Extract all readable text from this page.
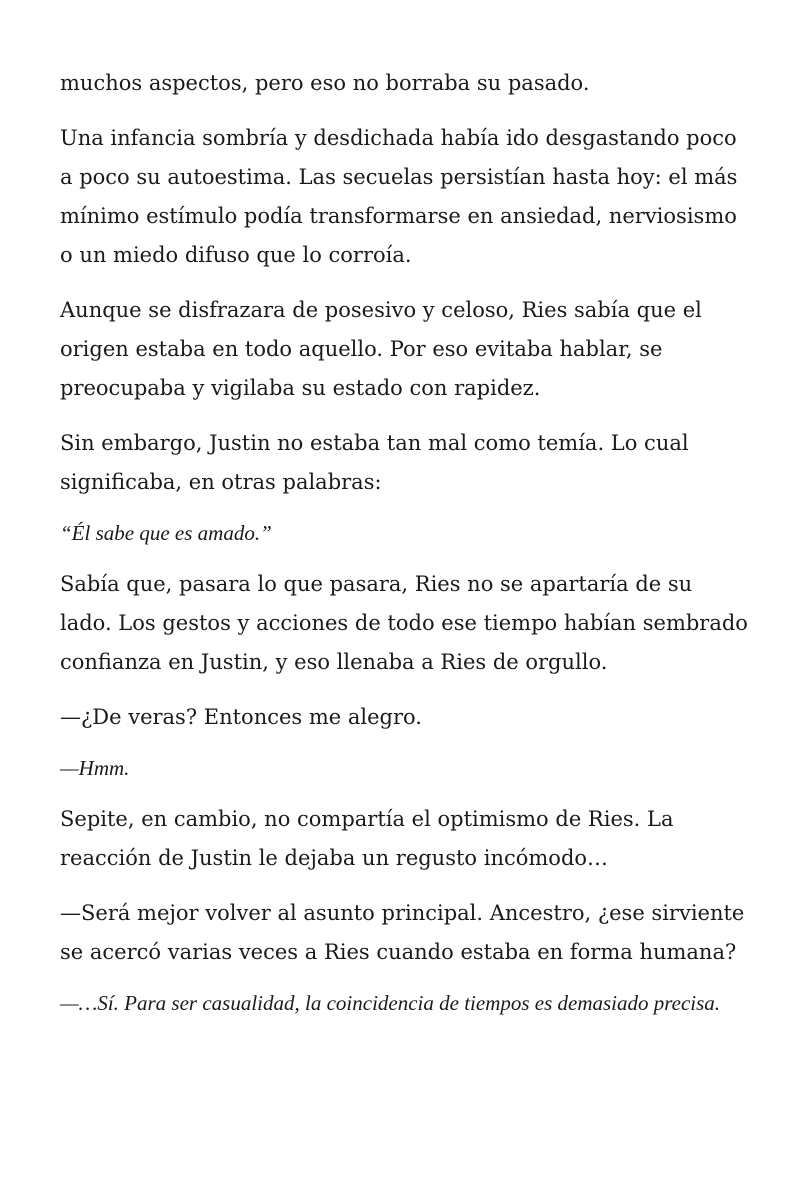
muchos aspectos, pero eso no borraba su pasado.

Una infancia sombría y desdichada había ido desgastando poco a poco su autoestima. Las secuelas persistían hasta hoy: el más mínimo estímulo podía transformarse en ansiedad, nerviosismo o un miedo difuso que lo corroía.

Aunque se disfrazara de posesivo y celoso, Ries sabía que el origen estaba en todo aquello. Por eso evitaba hablar, se preocupaba y vigilaba su estado con rapidez.

Sin embargo, Justin no estaba tan mal como temía. Lo cual significaba, en otras palabras:

“Él sabe que es amado.”

Sabía que, pasara lo que pasara, Ries no se apartaría de su lado. Los gestos y acciones de todo ese tiempo habían sembrado confianza en Justin, y eso llenaba a Ries de orgullo.

—¿De veras? Entonces me alegro.

—Hmm.

Sepite, en cambio, no compartía el optimismo de Ries. La reacción de Justin le dejaba un regusto incómodo…

—Será mejor volver al asunto principal. Ancestro, ¿ese sirviente se acercó varias veces a Ries cuando estaba en forma humana?

—…Sí. Para ser casualidad, la coincidencia de tiempos es demasiado precisa.
